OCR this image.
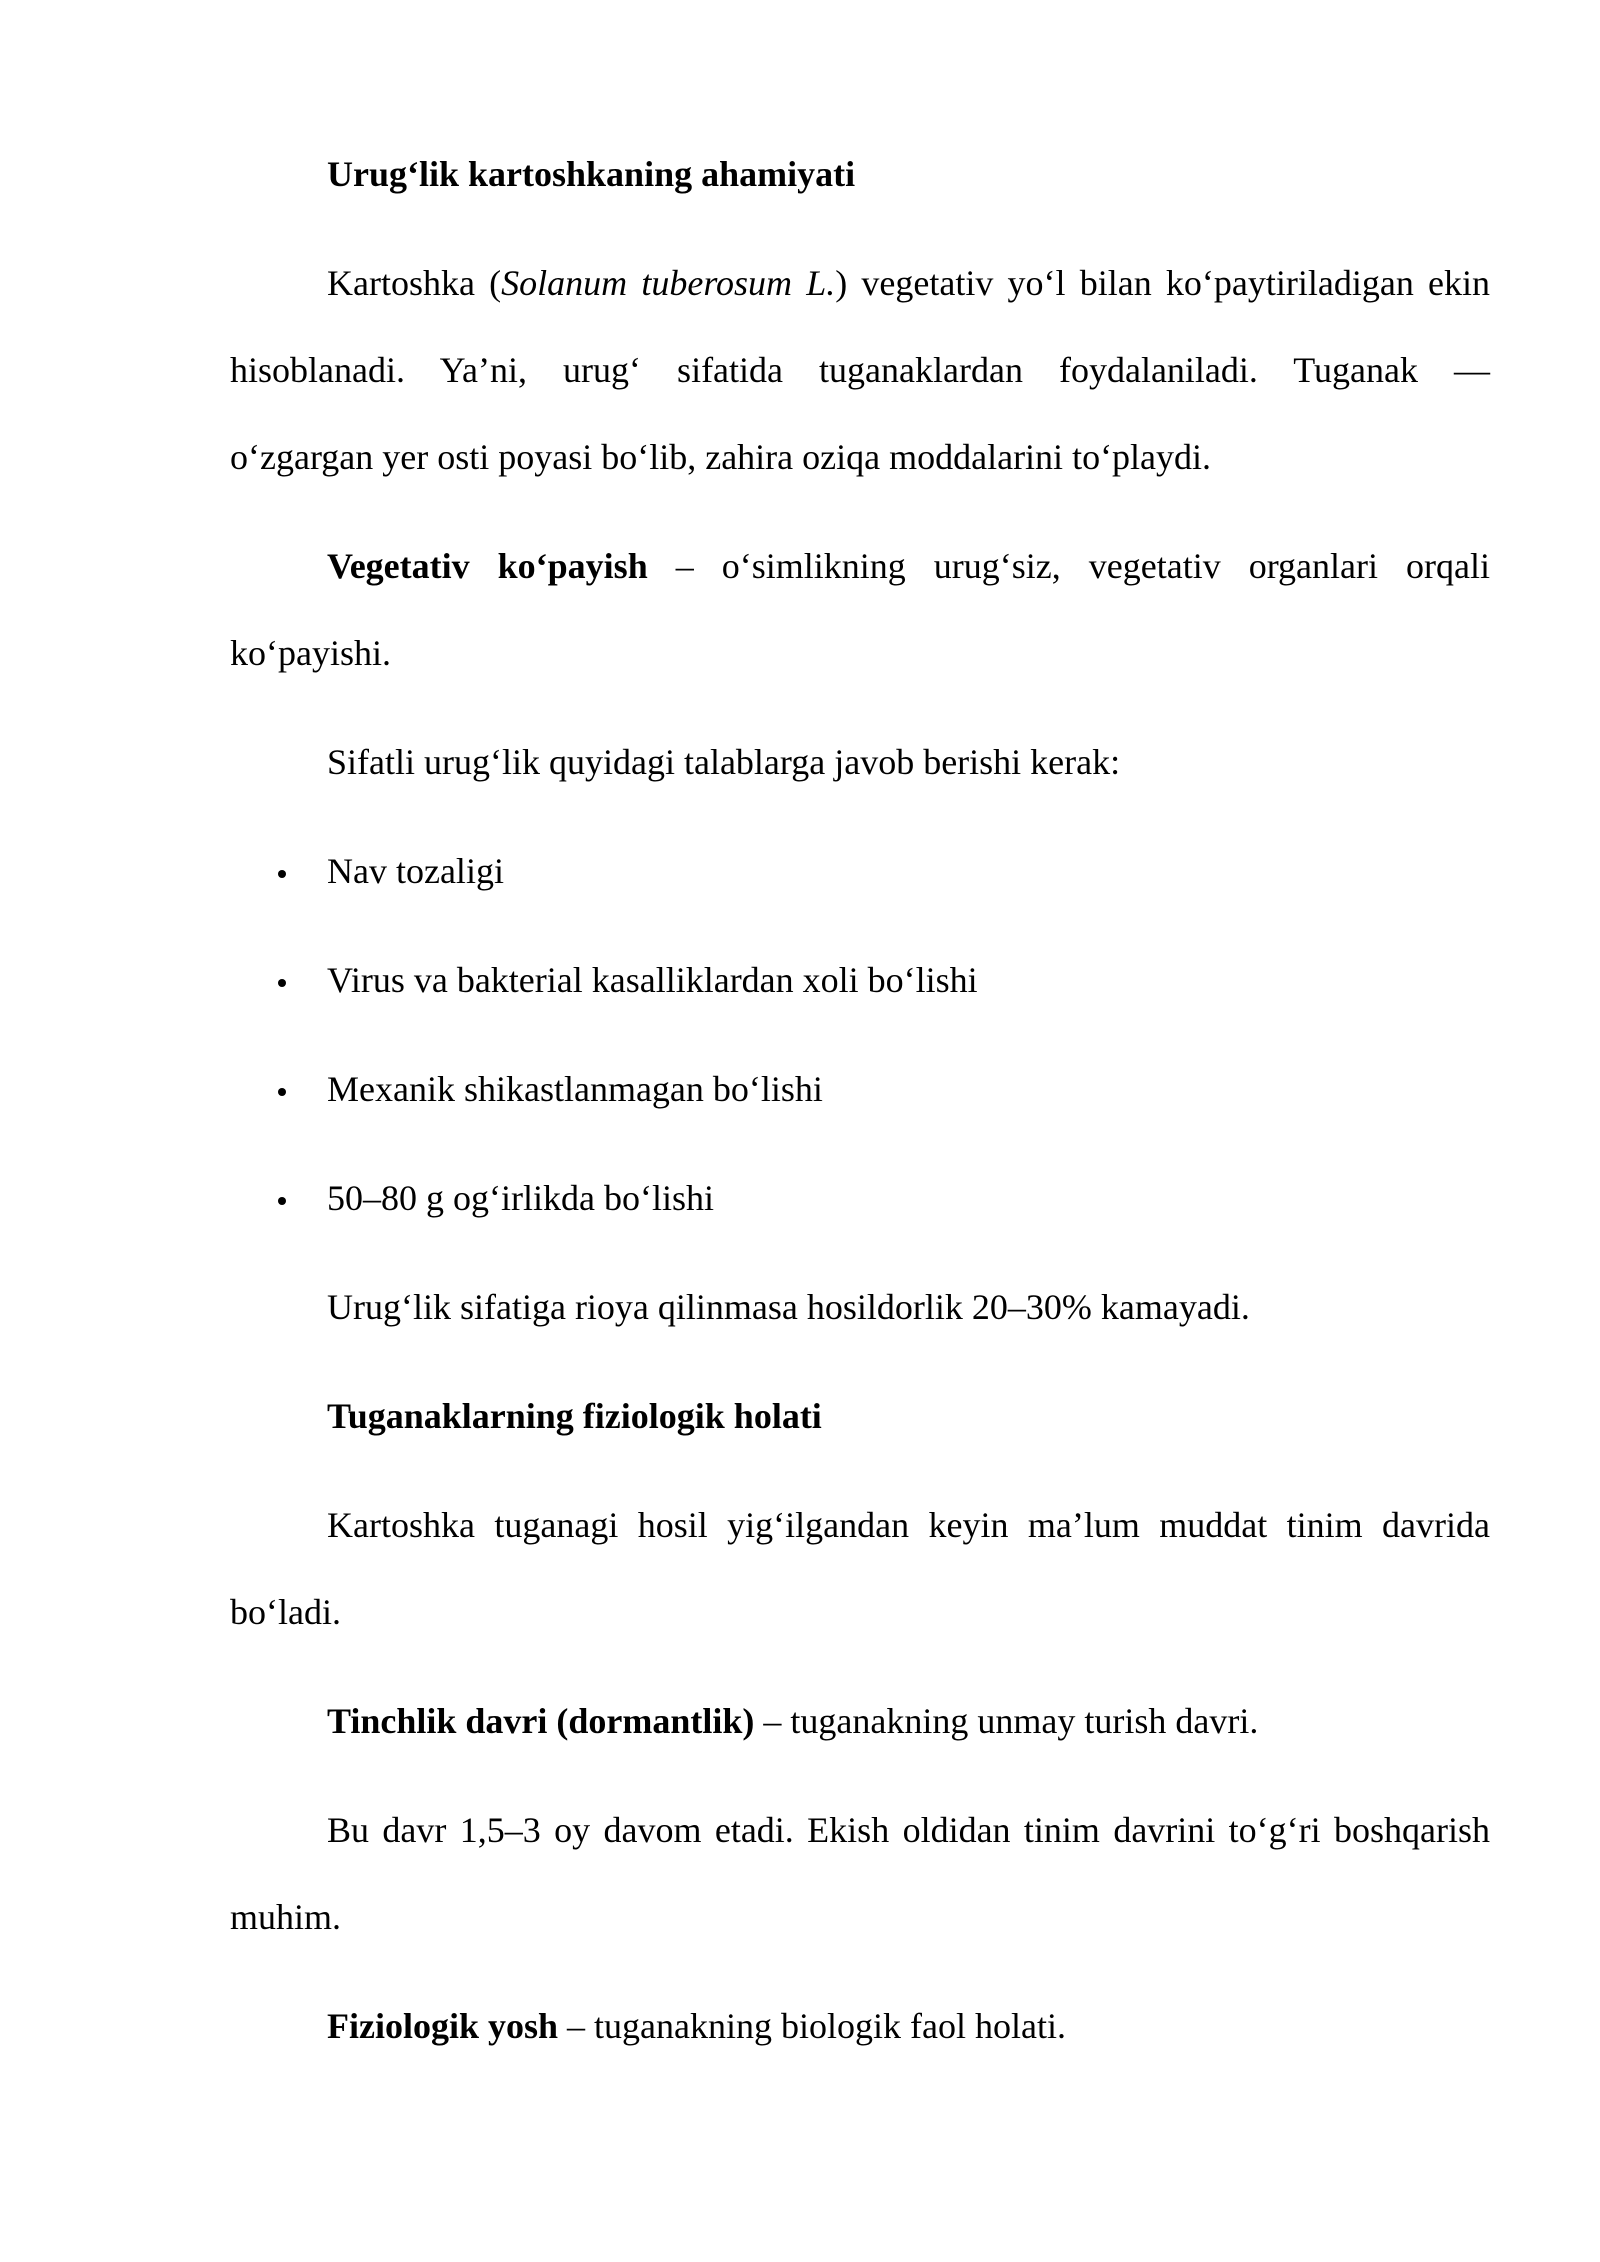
Urug‘lik kartoshkaning ahamiyati
Kartoshka (Solanum tuberosum L.) vegetativ yo‘l bilan ko‘paytiriladigan ekin
hisoblanadi. Ya’ni, urug‘ sifatida tuganaklardan foydalaniladi. Tuganak —
o‘zgargan yer osti poyasi bo‘lib, zahira oziqa moddalarini to‘playdi.
Vegetativ ko‘payish – o‘simlikning urug‘siz, vegetativ organlari orqali
ko‘payishi.
Sifatli urug‘lik quyidagi talablarga javob berishi kerak:
Nav tozaligi
Virus va bakterial kasalliklardan xoli bo‘lishi
Mexanik shikastlanmagan bo‘lishi
50–80 g og‘irlikda bo‘lishi
Urug‘lik sifatiga rioya qilinmasa hosildorlik 20–30% kamayadi.
Tuganaklarning fiziologik holati
Kartoshka tuganagi hosil yig‘ilgandan keyin ma’lum muddat tinim davrida
bo‘ladi.
Tinchlik davri (dormantlik) – tuganakning unmay turish davri.
Bu davr 1,5–3 oy davom etadi. Ekish oldidan tinim davrini to‘g‘ri boshqarish
muhim.
Fiziologik yosh – tuganakning biologik faol holati.
